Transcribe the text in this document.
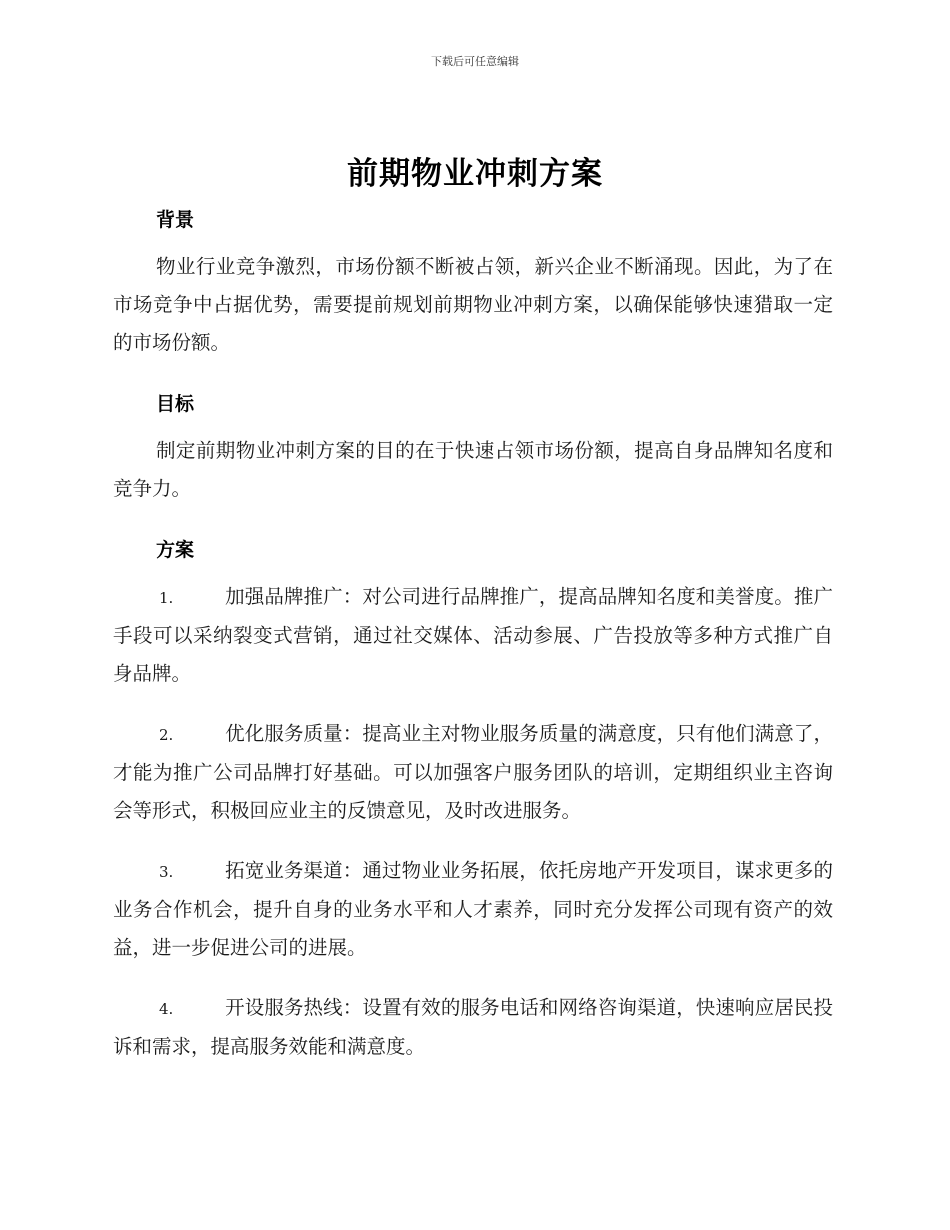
下载后可任意编辑
前期物业冲刺方案
背景

物业行业竞争激烈，市场份额不断被占领，新兴企业不断涌现。因此，为了在市场竞争中占据优势，需要提前规划前期物业冲刺方案，以确保能够快速猎取一定的市场份额。

目标

制定前期物业冲刺方案的目的在于快速占领市场份额，提高自身品牌知名度和竞争力。

方案

1.	加强品牌推广：对公司进行品牌推广，提高品牌知名度和美誉度。推广手段可以采纳裂变式营销，通过社交媒体、活动参展、广告投放等多种方式推广自身品牌。

2.	优化服务质量：提高业主对物业服务质量的满意度，只有他们满意了，才能为推广公司品牌打好基础。可以加强客户服务团队的培训，定期组织业主咨询会等形式，积极回应业主的反馈意见，及时改进服务。

3.	拓宽业务渠道：通过物业业务拓展，依托房地产开发项目，谋求更多的业务合作机会，提升自身的业务水平和人才素养，同时充分发挥公司现有资产的效益，进一步促进公司的进展。

4.	开设服务热线：设置有效的服务电话和网络咨询渠道，快速响应居民投诉和需求，提高服务效能和满意度。
